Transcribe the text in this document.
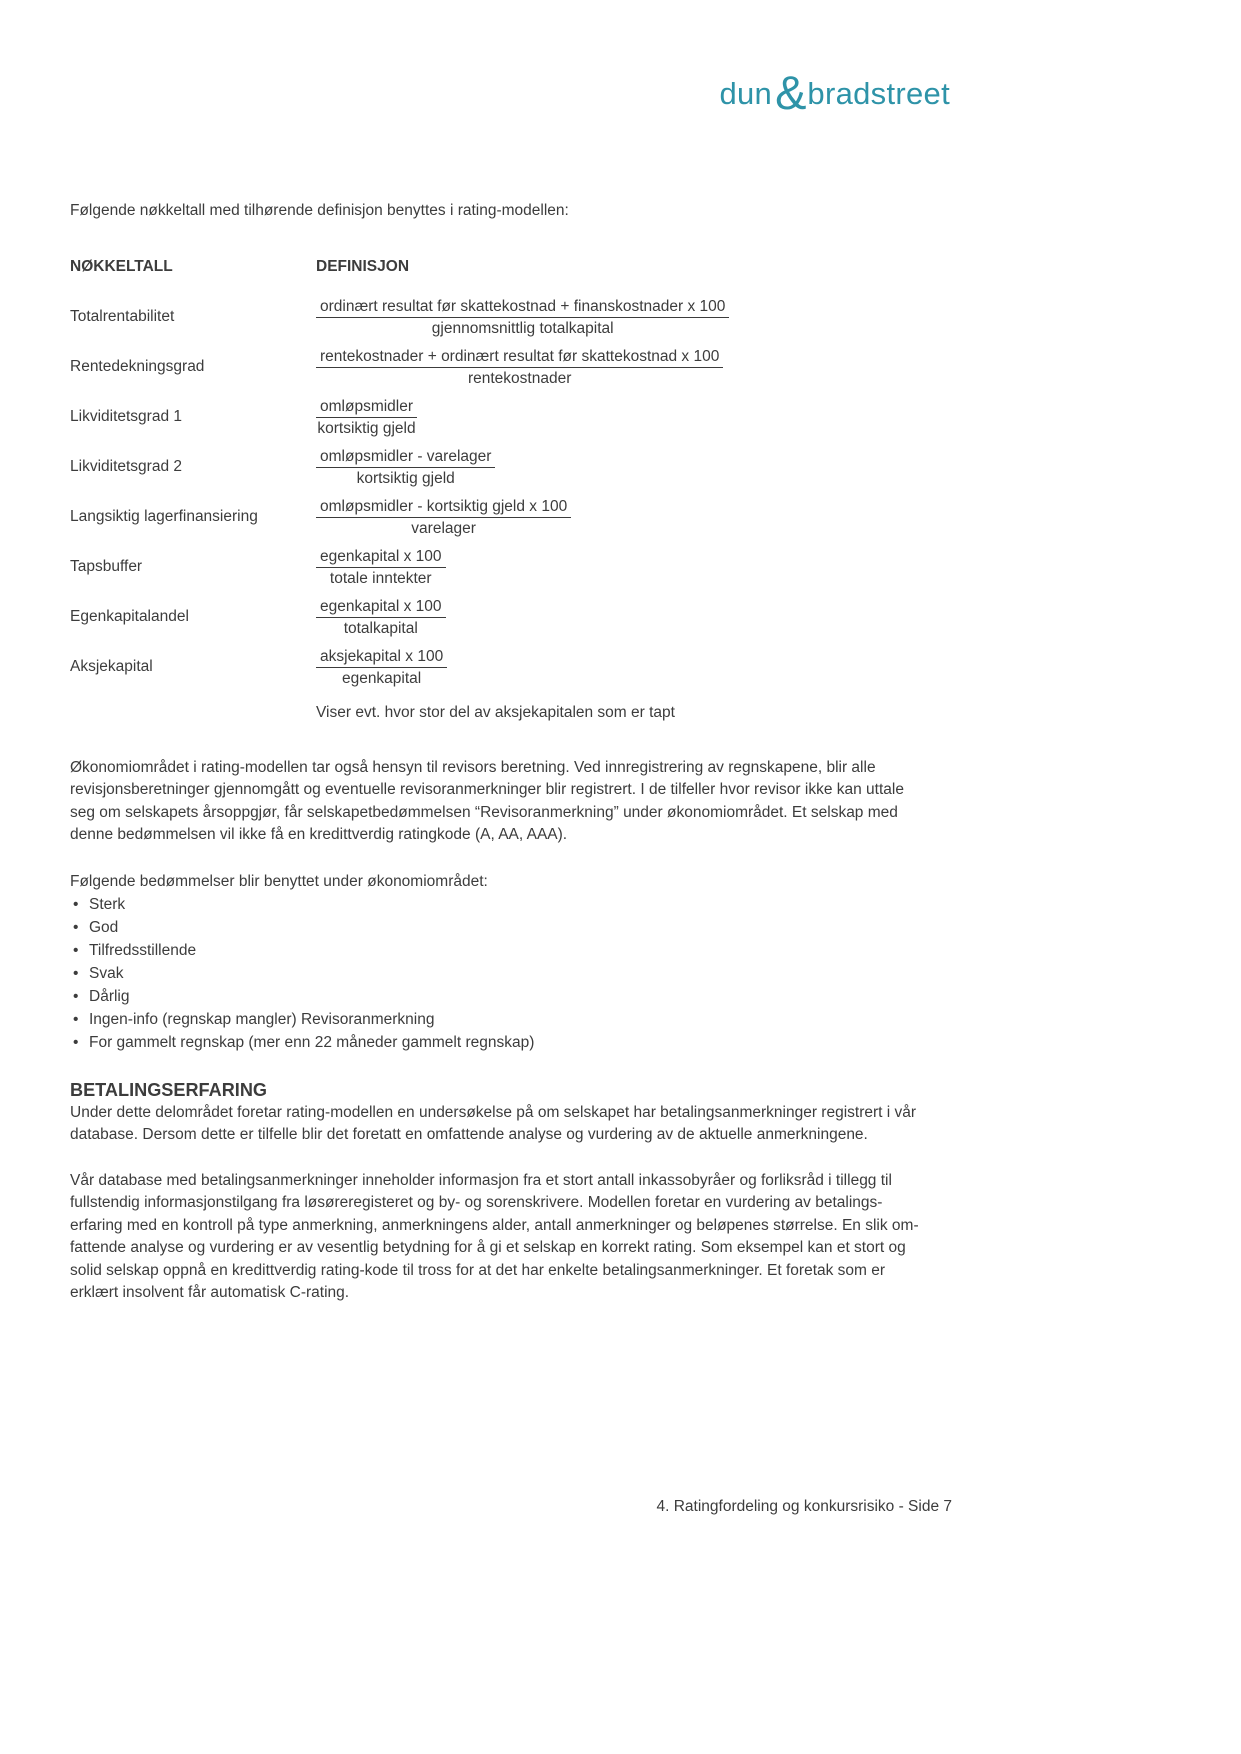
dun&bradstreet

Følgende nøkkeltall med tilhørende definisjon benyttes i rating-modellen:

NØKKELTALL	DEFINISJON
Totalrentabilitet	$\frac{\text{ordinært resultat før skattekostnad + finanskostnader x 100}}{\text{gjennomsnittlig totalkapital}}$
Rentedekningsgrad	$\frac{\text{rentekostnader + ordinært resultat før skattekostnad x 100}}{\text{rentekostnader}}$
Likviditetsgrad 1	$\frac{\text{omløpsmidler}}{\text{kortsiktig gjeld}}$
Likviditetsgrad 2	$\frac{\text{omløpsmidler - varelager}}{\text{kortsiktig gjeld}}$
Langsiktig lagerfinansiering	$\frac{\text{omløpsmidler - kortsiktig gjeld x 100}}{\text{varelager}}$
Tapsbuffer	$\frac{\text{egenkapital x 100}}{\text{totale inntekter}}$
Egenkapitalandel	$\frac{\text{egenkapital x 100}}{\text{totalkapital}}$
Aksjekapital	$\frac{\text{aksjekapital x 100}}{\text{egenkapital}}$

Viser evt. hvor stor del av aksjekapitalen som er tapt

Økonomiområdet i rating-modellen tar også hensyn til revisors beretning. Ved innregistrering av regnskapene, blir alle revisjonsberetninger gjennomgått og eventuelle revisoranmerkninger blir registrert. I de tilfeller hvor revisor ikke kan uttale seg om selskapets årsoppgjør, får selskapetbedømmelsen “Revisoranmerkning” under økonomiområdet. Et selskap med denne bedømmelsen vil ikke få en kredittverdig ratingkode (A, AA, AAA).

Følgende bedømmelser blir benyttet under økonomiområdet:

• Sterk
• God
• Tilfredsstillende
• Svak
• Dårlig
• Ingen-info (regnskap mangler) Revisoranmerkning
• For gammelt regnskap (mer enn 22 måneder gammelt regnskap)
BETALINGSERFARING

Under dette delområdet foretar rating-modellen en undersøkelse på om selskapet har betalingsanmerkninger registrert i vår database. Dersom dette er tilfelle blir det foretatt en omfattende analyse og vurdering av de aktuelle anmerkningene.

Vår database med betalingsanmerkninger inneholder informasjon fra et stort antall inkassobyråer og forliksråd i tillegg til fullstendig informasjonstilgang fra løsøreregisteret og by- og sorenskrivere. Modellen foretar en vurdering av betalings- erfaring med en kontroll på type anmerkning, anmerkningens alder, antall anmerkninger og beløpenes størrelse. En slik om- fattende analyse og vurdering er av vesentlig betydning for å gi et selskap en korrekt rating. Som eksempel kan et stort og solid selskap oppnå en kredittverdig rating-kode til tross for at det har enkelte betalingsanmerkninger. Et foretak som er erklært insolvent får automatisk C-rating.

4. Ratingfordeling og konkursrisiko - Side 7
